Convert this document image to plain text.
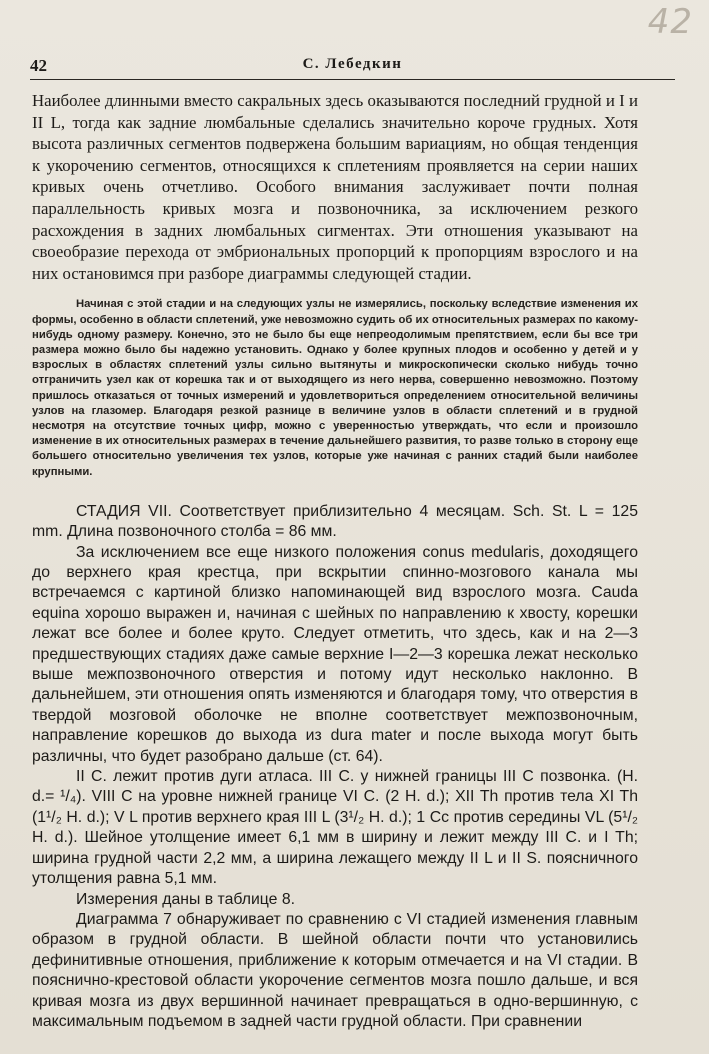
42
42	С. Лебедкин

Наиболее длинными вместо сакральных здесь оказываются последний грудной и I и II L, тогда как задние люмбальные сделались значительно короче грудных. Хотя высота различных сегментов подвержена большим вариациям, но общая тенденция к укорочению сегментов, относящихся к сплетениям проявляется на серии наших кривых очень отчетливо. Особого внимания заслуживает почти полная параллельность кривых мозга и позвоночника, за исключением резкого расхождения в задних люмбальных сигментах. Эти отношения указывают на своеобразие перехода от эмбриональных пропорций к пропорциям взрослого и на них остановимся при разборе диаграммы следующей стадии.

Начиная с этой стадии и на следующих узлы не измерялись, поскольку вследствие изменения их формы, особенно в области сплетений, уже невозможно судить об их относительных размерах по какому-нибудь одному размеру. Конечно, это не было бы еще непреодолимым препятствием, если бы все три размера можно было бы надежно установить. Однако у более крупных плодов и особенно у детей и у взрослых в областях сплетений узлы сильно вытянуты и микроскопически сколько нибудь точно отграничить узел как от корешка так и от выходящего из него нерва, совершенно невозможно. Поэтому пришлось отказаться от точных измерений и удовлетвориться определением относительной величины узлов на глазомер. Благодаря резкой разнице в величине узлов в области сплетений и в грудной несмотря на отсутствие точных цифр, можно с уверенностью утверждать, что если и произошло изменение в их относительных размерах в течение дальнейшего развития, то разве только в сторону еще большего относительно увеличения тех узлов, которые уже начиная с ранних стадий были наиболее крупными.

СТАДИЯ VII. Соответствует приблизительно 4 месяцам. Sch. St. L = 125 mm. Длина позвоночного столба = 86 мм.

За исключением все еще низкого положения conus medularis, доходящего до верхнего края крестца, при вскрытии спинно-мозгового канала мы встречаемся с картиной близко напоминающей вид взрослого мозга. Cauda equina хорошо выражен и, начиная с шейных по направлению к хвосту, корешки лежат все более и более круто. Следует отметить, что здесь, как и на 2—3 предшествующих стадиях даже самые верхние I—2—3 корешка лежат несколько выше межпозвоночного отверстия и потому идут несколько наклонно. В дальнейшем, эти отношения опять изменяются и благодаря тому, что отверстия в твердой мозговой оболочке не вполне соответствует межпозвоночным, направление корешков до выхода из dura mater и после выхода могут быть различны, что будет разобрано дальше (ст. 64).

II С. лежит против дуги атласа. III С. у нижней границы III С позвонка. (H. d.= ¹/₄). VIII С на уровне нижней границе VI С. (2 H. d.); XII Th против тела XI Th (1¹/₂ H. d.); V L против верхнего края III L (3¹/₂ H. d.); 1 Сс против середины VL (5¹/₂ H. d.). Шейное утолщение имеет 6,1 мм в ширину и лежит между III С. и I Th; ширина грудной части 2,2 мм, а ширина лежащего между II L и II S. поясничного утолщения равна 5,1 мм.

Измерения даны в таблице 8.

Диаграмма 7 обнаруживает по сравнению с VI стадией изменения главным образом в грудной области. В шейной области почти что установились дефинитивные отношения, приближение к которым отмечается и на VI стадии. В пояснично-крестовой области укорочение сегментов мозга пошло дальше, и вся кривая мозга из двух вершинной начинает превращаться в одно-вершинную, с максимальным подъемом в задней части грудной области. При сравнении
